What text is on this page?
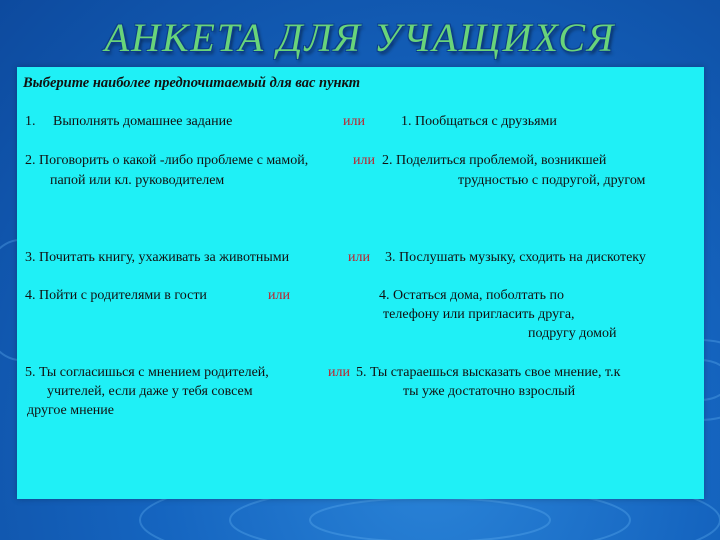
АНКЕТА ДЛЯ УЧАЩИХСЯ
Выберите наиболее предпочитаемый для вас пункт
1. Выполнять домашнее задание	или	1. Пообщаться с друзьями
2. Поговорить о какой -либо проблеме с мамой,
папой или кл. руководителем
или 2. Поделиться проблемой, возникшей
трудностью с подругой, другом
3. Почитать книгу, ухаживать за животными	или 3. Послушать музыку, сходить на дискотеку
4. Пойти с родителями в гости	или	4. Остаться дома, поболтать по
телефону или пригласить друга,
подругу домой
5. Ты согласишься с мнением родителей,
учителей, если даже у тебя совсем
другое мнение
или 5. Ты стараешься высказать свое мнение, т.к
ты уже достаточно взрослый
